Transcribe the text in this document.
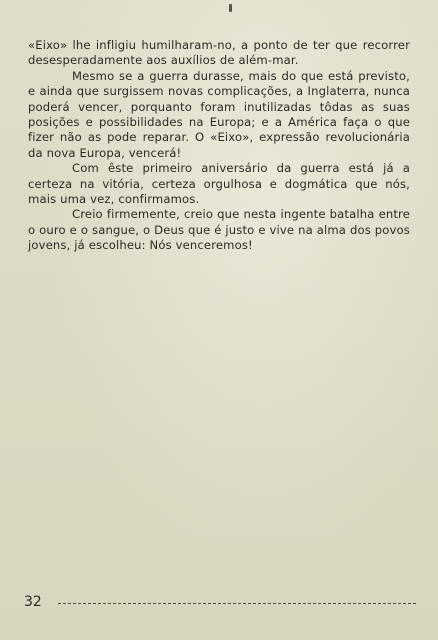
«Eixo» lhe infligiu humilharam-no, a ponto de ter que recorrer desesperadamente aos auxílios de além-mar.

Mesmo se a guerra durasse, mais do que está previsto, e ainda que surgissem novas complicações, a Inglaterra, nunca poderá vencer, porquanto foram inutilizadas tôdas as suas posições e possibilidades na Europa; e a América faça o que fizer não as pode reparar. O «Eixo», expressão revolucionária da nova Europa, vencerá!

Com êste primeiro aniversário da guerra está já a certeza na vitória, certeza orgulhosa e dogmática que nós, mais uma vez, confirmamos.

Creio firmemente, creio que nesta ingente batalha entre o ouro e o sangue, o Deus que é justo e vive na alma dos povos jovens, já escolheu: Nós venceremos!

32
